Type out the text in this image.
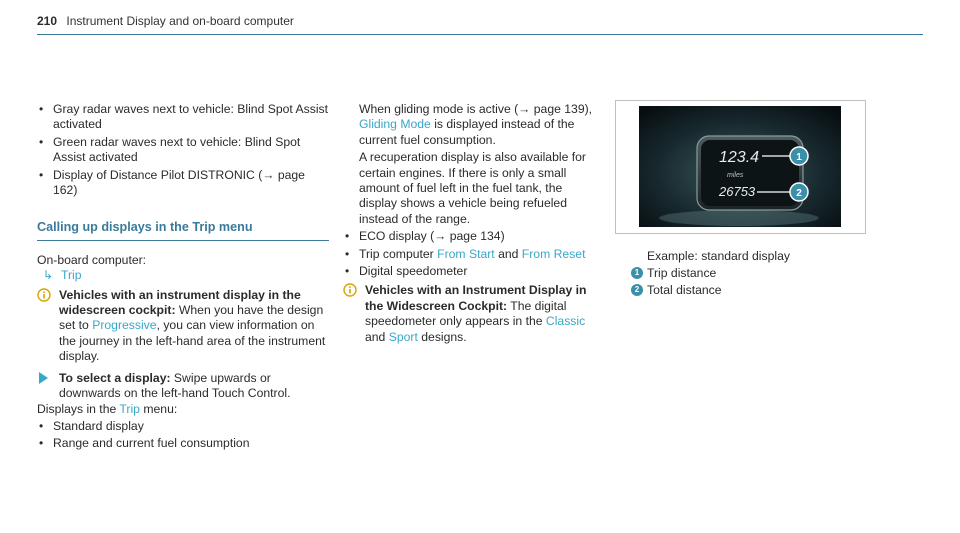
210 Instrument Display and on-board computer
• Gray radar waves next to vehicle: Blind Spot Assist activated
• Green radar waves next to vehicle: Blind Spot Assist activated
• Display of Distance Pilot DISTRONIC (→ page 162)
Calling up displays in the Trip menu

On-board computer:

↳ Trip

Vehicles with an instrument display in the widescreen cockpit: When you have the design set to Progressive, you can view information on the journey in the left-hand area of the instrument display.
To select a display: Swipe upwards or downwards on the left-hand Touch Control.

Displays in the Trip menu:

• Standard display
• Range and current fuel consumption

When gliding mode is active (→ page 139), Gliding Mode is displayed instead of the current fuel consumption.

A recuperation display is also available for certain engines. If there is only a small amount of fuel left in the fuel tank, the display shows a vehicle being refueled instead of the range.

• ECO display (→ page 134)
• Trip computer From Start and From Reset
• Digital speedometer
Vehicles with an Instrument Display in the Widescreen Cockpit: The digital speedometer only appears in the Classic and Sport designs.
123.4
miles
26753
1
2

Example: standard display

1 Trip distance
2 Total distance
